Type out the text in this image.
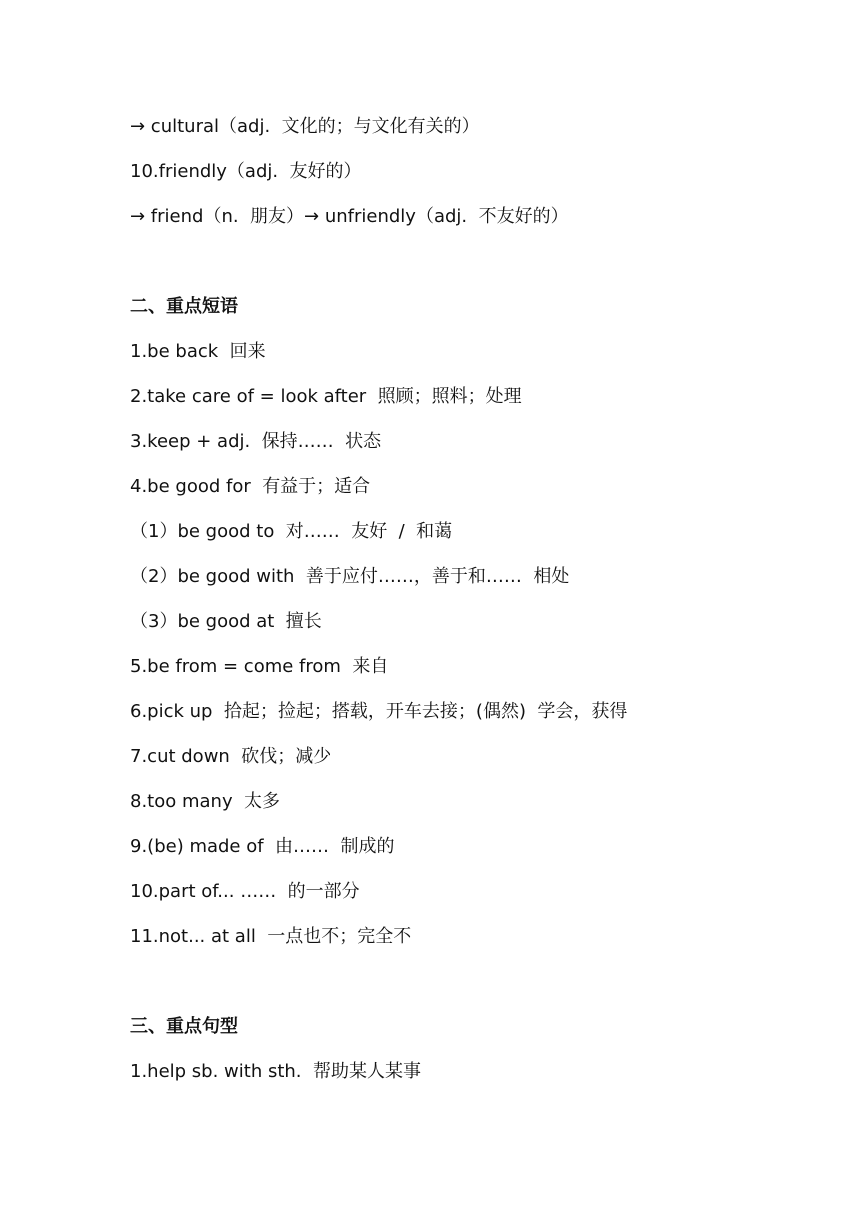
→ cultural（adj.  文化的；与文化有关的）
10.friendly（adj.  友好的）
→ friend（n.  朋友）→ unfriendly（adj.  不友好的）
二、重点短语
1.be back  回来
2.take care of = look after  照顾；照料；处理
3.keep + adj.  保持……  状态
4.be good for  有益于；适合
（1）be good to  对……  友好  /  和蔼
（2）be good with  善于应付……，善于和……  相处
（3）be good at  擅长
5.be from = come from  来自
6.pick up  拾起；捡起；搭载，开车去接；(偶然)  学会，获得
7.cut down  砍伐；减少
8.too many  太多
9.(be) made of  由……  制成的
10.part of... ……  的一部分
11.not... at all  一点也不；完全不
三、重点句型
1.help sb. with sth.  帮助某人某事
